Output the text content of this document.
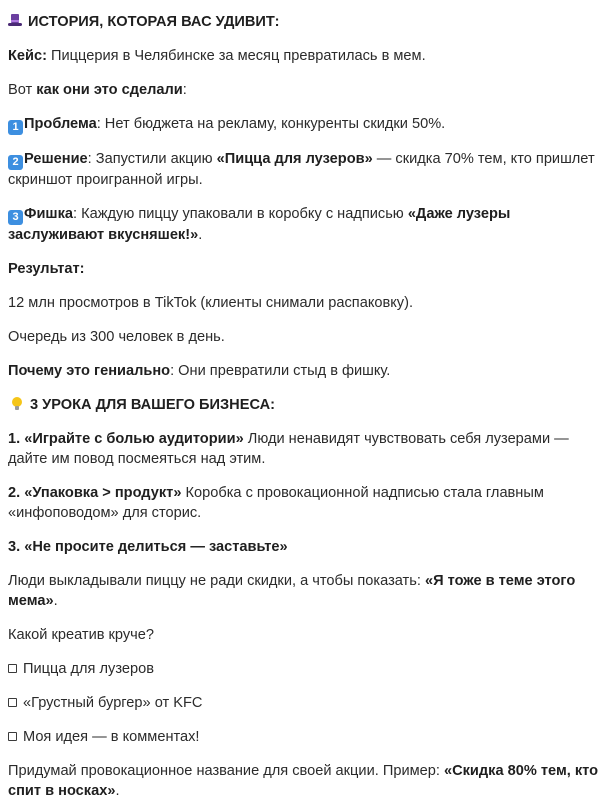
ИСТОРИЯ, КОТОРАЯ ВАС УДИВИТ:

Кейс: Пиццерия в Челябинске за месяц превратилась в мем.

Вот как они это сделали:

1 Проблема: Нет бюджета на рекламу, конкуренты скидки 50%.

2 Решение: Запустили акцию «Пицца для лузеров» — скидка 70% тем, кто пришлет скриншот проигранной игры.

3 Фишка: Каждую пиццу упаковали в коробку с надписью «Даже лузеры заслуживают вкусняшек!».

Результат:

12 млн просмотров в TikTok (клиенты снимали распаковку).

Очередь из 300 человек в день.

Почему это гениально: Они превратили стыд в фишку.

3 УРОКА ДЛЯ ВАШЕГО БИЗНЕСА:

1. «Играйте с болью аудитории» Люди ненавидят чувствовать себя лузерами — дайте им повод посмеяться над этим.

2. «Упаковка > продукт» Коробка с провокационной надписью стала главным «инфоповодом» для сторис.

3. «Не просите делиться — заставьте»

Люди выкладывали пиццу не ради скидки, а чтобы показать: «Я тоже в теме этого мема».

Какой креатив круче?

Пицца для лузеров

«Грустный бургер» от KFC

Моя идея — в комментах!

Придумай провокационное название для своей акции. Пример: «Скидка 80% тем, кто спит в носках».
